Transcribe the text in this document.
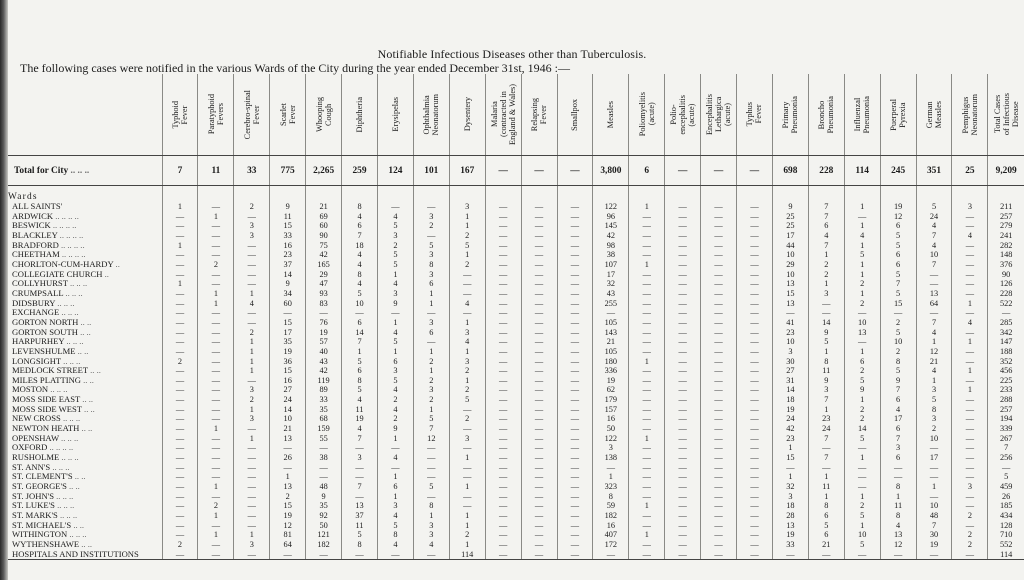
Notifiable Infectious Diseases other than Tuberculosis.
The following cases were notified in the various Wards of the City during the year ended December 31st, 1946 :—

	Typhoid
Fever	Paratyphoid
Fevers	Cerebro-spinal
Fever	Scarlet
Fever	Whooping
Cough	Diphtheria	Erysipelas	Ophthalmia
Neonatorum	Dysentery	Malaria
(contracted in
England & Wales)	Relapsing
Fever	Smallpox	Measles	Poliomyelitis
(acute)	Polio-
encephalitis
(acute)	Encephalitis
Lethargica
(acute)	Typhus
Fever	Primary
Pneumonia	Broncho
Pneumonia	Influenzal
Pneumonia	Puerperal
Pyrexia	German
Measles	Pemphigus
Neonatorum	Total Cases
of Infectious
Disease

Total for City .. .. ..	7	11	33	775	2,265	259	124	101	167	—	—	—	3,800	6	—	—	—	698	228	114	245	351	25	9,209
Wards																								
ALL SAINTS'	1	—	2	9	21	8	—	—	3	—	—	—	122	1	—	—	—	9	7	1	19	5	3	211
ARDWICK .. .. .. ..	—	1	—	11	69	4	4	3	1	—	—	—	96	—	—	—	—	25	7	—	12	24	—	257
BESWICK .. .. .. ..	—	—	3	15	60	6	5	2	1	—	—	—	145	—	—	—	—	25	6	1	6	4	—	279
BLACKLEY .. .. .. ..	—	—	3	33	90	7	3	—	2	—	—	—	42	—	—	—	—	17	4	4	5	7	4	241
BRADFORD .. .. .. ..	1	—	—	16	75	18	2	5	5	—	—	—	98	—	—	—	—	44	7	1	5	4	—	282
CHEETHAM .. .. .. ..	—	—	—	23	42	4	5	3	1	—	—	—	38	—	—	—	—	10	1	5	6	10	—	148
CHORLTON-CUM-HARDY ..	—	2	—	37	165	4	5	8	2	—	—	—	107	1	—	—	—	29	2	1	6	7	—	376
COLLEGIATE CHURCH ..	—	—	—	14	29	8	1	3	—	—	—	—	17	—	—	—	—	10	2	1	5	—	—	90
COLLYHURST .. .. ..	1	—	—	9	47	4	4	6	—	—	—	—	32	—	—	—	—	13	1	2	7	—	—	126
CRUMPSALL .. .. ..	—	1	1	34	93	5	3	1	—	—	—	—	43	—	—	—	—	15	3	1	5	13	—	228
DIDSBURY .. .. ..	—	1	4	60	83	10	9	1	4	—	—	—	255	—	—	—	—	13	—	2	15	64	1	522
EXCHANGE .. .. ..	—	—	—	—	—	—	—	—	—	—	—	—	—	—	—	—	—	—	—	—	—	—	—	—
GORTON NORTH .. ..	—	—	—	15	76	6	1	3	1	—	—	—	105	—	—	—	—	41	14	10	2	7	4	285
GORTON SOUTH .. ..	—	—	2	17	19	14	4	6	3	—	—	—	143	—	—	—	—	23	9	13	5	4	—	342
HARPURHEY .. .. ..	—	—	1	35	57	7	5	—	4	—	—	—	21	—	—	—	—	10	5	—	10	1	1	147
LEVENSHULME .. ..	—	—	1	19	40	1	1	1	1	—	—	—	105	—	—	—	—	3	1	1	2	12	—	188
LONGSIGHT .. .. ..	2	—	1	36	43	5	6	2	3	—	—	—	180	1	—	—	—	30	8	6	8	21	—	352
MEDLOCK STREET .. ..	—	—	1	15	42	6	3	1	2	—	—	—	336	—	—	—	—	27	11	2	5	4	1	456
MILES PLATTING .. ..	—	—	—	16	119	8	5	2	1	—	—	—	19	—	—	—	—	31	9	5	9	1	—	225
MOSTON .. .. ..	—	—	3	27	89	5	4	3	2	—	—	—	62	—	—	—	—	14	3	9	7	3	1	233
MOSS SIDE EAST .. ..	—	—	2	24	33	4	2	2	5	—	—	—	179	—	—	—	—	18	7	1	6	5	—	288
MOSS SIDE WEST .. ..	—	—	1	14	35	11	4	1	—	—	—	—	157	—	—	—	—	19	1	2	4	8	—	257
NEW CROSS .. .. ..	—	—	3	10	68	19	2	5	2	—	—	—	16	—	—	—	—	24	23	2	17	3	—	194
NEWTON HEATH .. ..	—	1	—	21	159	4	9	7	—	—	—	—	50	—	—	—	—	42	24	14	6	2	—	339
OPENSHAW .. .. ..	—	—	1	13	55	7	1	12	3	—	—	—	122	1	—	—	—	23	7	5	7	10	—	267
OXFORD .. .. .. ..	—	—	—	—	—	—	—	—	—	—	—	—	3	—	—	—	—	1	—	—	3	—	—	7
RUSHOLME .. .. ..	—	—	—	26	38	3	4	—	1	—	—	—	138	—	—	—	—	15	7	1	6	17	—	256
ST. ANN'S .. .. ..	—	—	—	—	—	—	—	—	—	—	—	—	—	—	—	—	—	—	—	—	—	—	—	—
ST. CLEMENT'S .. ..	—	—	—	1	—	—	1	—	—	—	—	—	1	—	—	—	—	1	1	—	—	—	—	5
ST. GEORGE'S .. ..	—	1	—	13	48	7	6	5	1	—	—	—	323	—	—	—	—	32	11	—	8	1	3	459
ST. JOHN'S .. .. ..	—	—	—	2	9	—	1	—	—	—	—	—	8	—	—	—	—	3	1	1	1	—	—	26
ST. LUKE'S .. .. ..	—	2	—	15	35	13	3	8	—	—	—	—	59	1	—	—	—	18	8	2	11	10	—	185
ST. MARK'S .. .. ..	—	1	—	19	92	37	4	1	1	—	—	—	182	—	—	—	—	28	6	5	8	48	2	434
ST. MICHAEL'S .. ..	—	—	—	12	50	11	5	3	1	—	—	—	16	—	—	—	—	13	5	1	4	7	—	128
WITHINGTON .. .. ..	—	1	1	81	121	5	8	3	2	—	—	—	407	1	—	—	—	19	6	10	13	30	2	710
WYTHENSHAWE .. ..	2	—	3	64	182	8	4	4	1	—	—	—	172	—	—	—	—	33	21	5	12	19	2	552
HOSPITALS AND INSTITUTIONS	—	—	—	—	—	—	—	—	114	—	—	—	—	—	—	—	—	—	—	—	—	—	—	114
